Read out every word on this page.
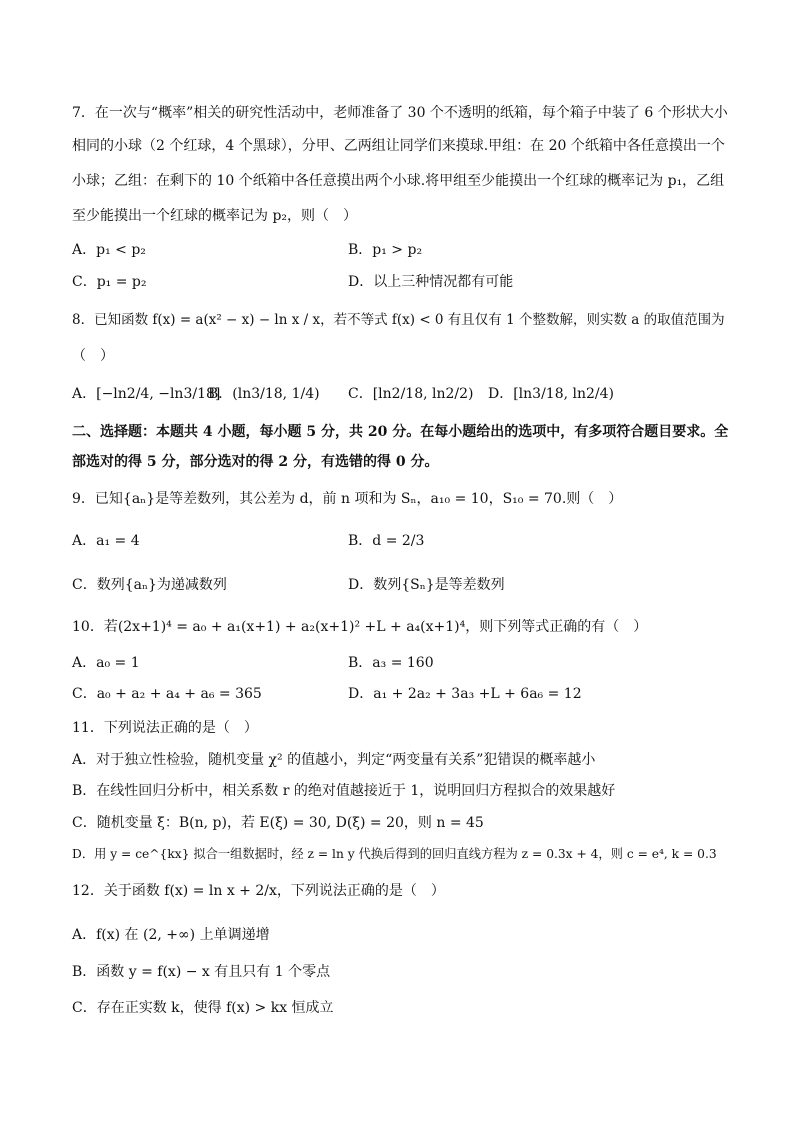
7．在一次与“概率”相关的研究性活动中，老师准备了 30 个不透明的纸箱，每个箱子中装了 6 个形状大小
相同的小球（2 个红球，4 个黑球），分甲、乙两组让同学们来摸球.甲组：在 20 个纸箱中各任意摸出一个
小球；乙组：在剩下的 10 个纸箱中各任意摸出两个小球.将甲组至少能摸出一个红球的概率记为 p₁，乙组
至少能摸出一个红球的概率记为 p₂，则（　）
A．p₁ < p₂	B．p₁ > p₂
C．p₁ = p₂	D．以上三种情况都有可能
8．已知函数 f(x) = a(x² − x) − ln x / x，若不等式 f(x) < 0 有且仅有 1 个整数解，则实数 a 的取值范围为
（　）
A．[−ln2/4, −ln3/18]
B．(ln3/18, 1/4) C．[ln2/18, ln2/2) D．[ln3/18, ln2/4)
二、选择题：本题共 4 小题，每小题 5 分，共 20 分。在每小题给出的选项中，有多项符合题目要求。全
部选对的得 5 分，部分选对的得 2 分，有选错的得 0 分。
9．已知{aₙ}是等差数列，其公差为 d，前 n 项和为 Sₙ，a₁₀ = 10，S₁₀ = 70.则（　）
A．a₁ = 4	B．d = 2/3
C．数列{aₙ}为递减数列	D．数列{Sₙ}是等差数列
10．若(2x+1)⁴ = a₀ + a₁(x+1) + a₂(x+1)² +L + a₄(x+1)⁴，则下列等式正确的有（　）
A．a₀ = 1	B．a₃ = 160
C．a₀ + a₂ + a₄ + a₆ = 365	D．a₁ + 2a₂ + 3a₃ +L + 6a₆ = 12
11．下列说法正确的是（　）
A．对于独立性检验，随机变量 χ² 的值越小，判定“两变量有关系”犯错误的概率越小
B．在线性回归分析中，相关系数 r 的绝对值越接近于 1，说明回归方程拟合的效果越好
C．随机变量 ξ：B(n, p)，若 E(ξ) = 30, D(ξ) = 20，则 n = 45
D．用 y = ce^{kx} 拟合一组数据时，经 z = ln y 代换后得到的回归直线方程为 z = 0.3x + 4，则 c = e⁴, k = 0.3
12．关于函数 f(x) = ln x + 2/x，下列说法正确的是（　）
A．f(x) 在 (2, +∞) 上单调递增
B．函数 y = f(x) − x 有且只有 1 个零点
C．存在正实数 k，使得 f(x) > kx 恒成立
